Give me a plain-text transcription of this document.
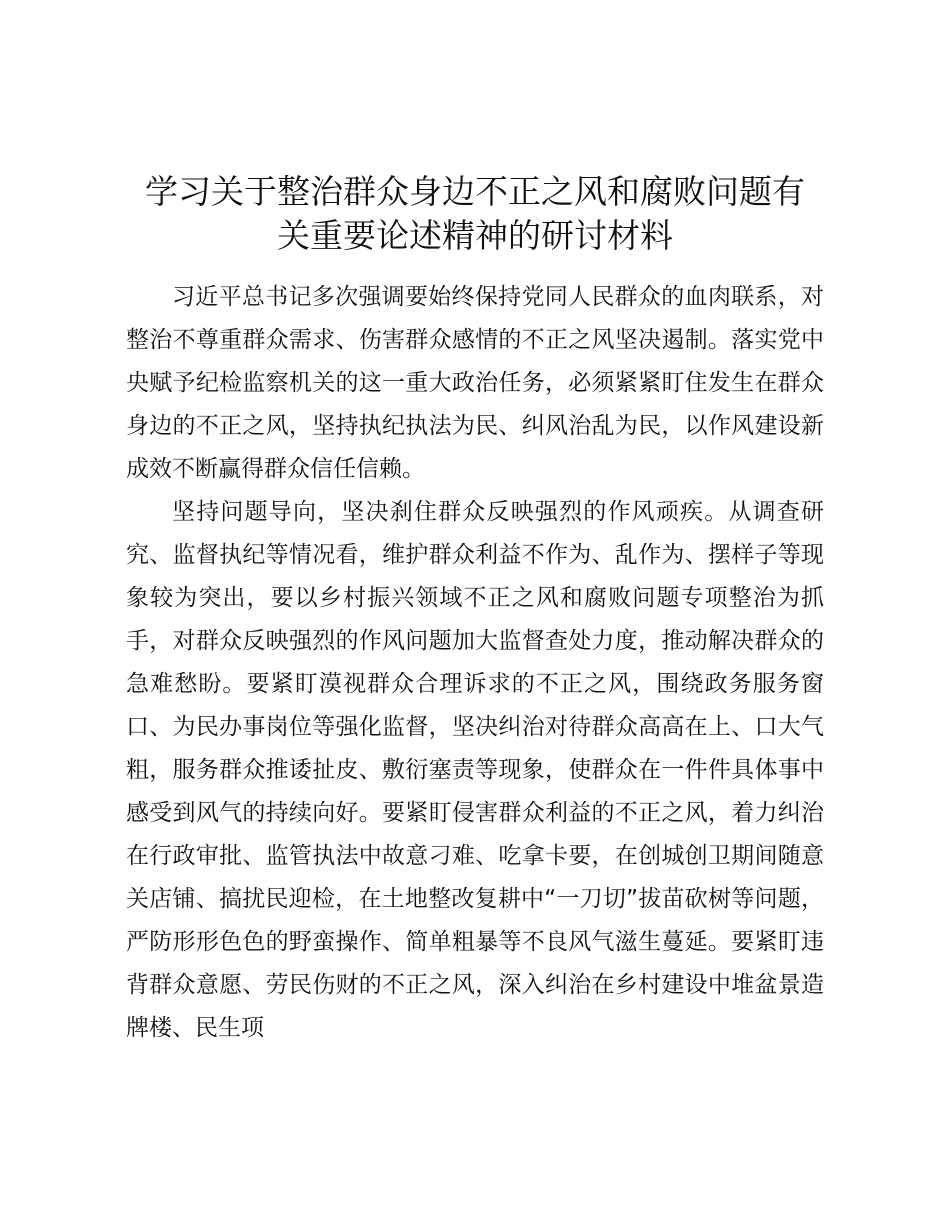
学习关于整治群众身边不正之风和腐败问题有
关重要论述精神的研讨材料

习近平总书记多次强调要始终保持党同人民群众的血肉联系，对整治不尊重群众需求、伤害群众感情的不正之风坚决遏制。落实党中央赋予纪检监察机关的这一重大政治任务，必须紧紧盯住发生在群众身边的不正之风，坚持执纪执法为民、纠风治乱为民，以作风建设新成效不断赢得群众信任信赖。

坚持问题导向，坚决刹住群众反映强烈的作风顽疾。从调查研究、监督执纪等情况看，维护群众利益不作为、乱作为、摆样子等现象较为突出，要以乡村振兴领域不正之风和腐败问题专项整治为抓手，对群众反映强烈的作风问题加大监督查处力度，推动解决群众的急难愁盼。要紧盯漠视群众合理诉求的不正之风，围绕政务服务窗口、为民办事岗位等强化监督，坚决纠治对待群众高高在上、口大气粗，服务群众推诿扯皮、敷衍塞责等现象，使群众在一件件具体事中感受到风气的持续向好。要紧盯侵害群众利益的不正之风，着力纠治在行政审批、监管执法中故意刁难、吃拿卡要，在创城创卫期间随意关店铺、搞扰民迎检，在土地整改复耕中“一刀切”拔苗砍树等问题，严防形形色色的野蛮操作、简单粗暴等不良风气滋生蔓延。要紧盯违背群众意愿、劳民伤财的不正之风，深入纠治在乡村建设中堆盆景造牌楼、民生项
